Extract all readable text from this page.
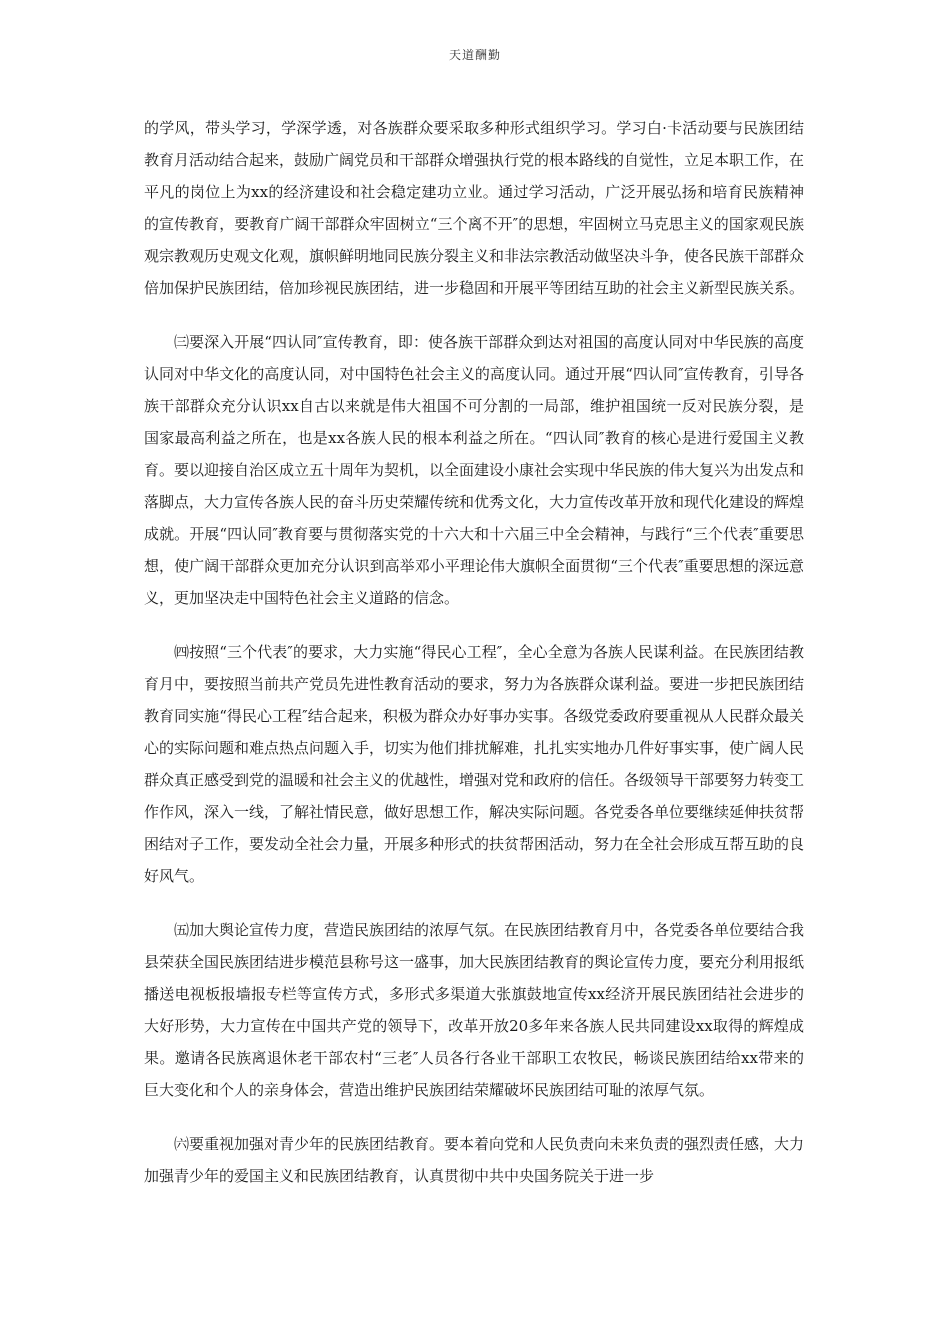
天道酬勤

的学风，带头学习，学深学透，对各族群众要采取多种形式组织学习。学习白·卡活动要与民族团结教育月活动结合起来，鼓励广阔党员和干部群众增强执行党的根本路线的自觉性，立足本职工作，在平凡的岗位上为xx的经济建设和社会稳定建功立业。通过学习活动，广泛开展弘扬和培育民族精神的宣传教育，要教育广阔干部群众牢固树立“三个离不开″的思想，牢固树立马克思主义的国家观民族观宗教观历史观文化观，旗帜鲜明地同民族分裂主义和非法宗教活动做坚决斗争，使各民族干部群众倍加保护民族团结，倍加珍视民族团结，进一步稳固和开展平等团结互助的社会主义新型民族关系。

㈢要深入开展“四认同″宣传教育，即：使各族干部群众到达对祖国的高度认同对中华民族的高度认同对中华文化的高度认同，对中国特色社会主义的高度认同。通过开展“四认同″宣传教育，引导各族干部群众充分认识xx自古以来就是伟大祖国不可分割的一局部，维护祖国统一反对民族分裂，是国家最高利益之所在，也是xx各族人民的根本利益之所在。“四认同″教育的核心是进行爱国主义教育。要以迎接自治区成立五十周年为契机，以全面建设小康社会实现中华民族的伟大复兴为出发点和落脚点，大力宣传各族人民的奋斗历史荣耀传统和优秀文化，大力宣传改革开放和现代化建设的辉煌成就。开展“四认同″教育要与贯彻落实党的十六大和十六届三中全会精神，与践行“三个代表″重要思想，使广阔干部群众更加充分认识到高举邓小平理论伟大旗帜全面贯彻“三个代表″重要思想的深远意义，更加坚决走中国特色社会主义道路的信念。

㈣按照“三个代表″的要求，大力实施“得民心工程″，全心全意为各族人民谋利益。在民族团结教育月中，要按照当前共产党员先进性教育活动的要求，努力为各族群众谋利益。要进一步把民族团结教育同实施“得民心工程″结合起来，积极为群众办好事办实事。各级党委政府要重视从人民群众最关心的实际问题和难点热点问题入手，切实为他们排扰解难，扎扎实实地办几件好事实事，使广阔人民群众真正感受到党的温暖和社会主义的优越性，增强对党和政府的信任。各级领导干部要努力转变工作作风，深入一线，了解社情民意，做好思想工作，解决实际问题。各党委各单位要继续延伸扶贫帮困结对子工作，要发动全社会力量，开展多种形式的扶贫帮困活动，努力在全社会形成互帮互助的良好风气。

㈤加大舆论宣传力度，营造民族团结的浓厚气氛。在民族团结教育月中，各党委各单位要结合我县荣获全国民族团结进步模范县称号这一盛事，加大民族团结教育的舆论宣传力度，要充分利用报纸播送电视板报墙报专栏等宣传方式，多形式多渠道大张旗鼓地宣传xx经济开展民族团结社会进步的大好形势，大力宣传在中国共产党的领导下，改革开放20多年来各族人民共同建设xx取得的辉煌成果。邀请各民族离退休老干部农村“三老″人员各行各业干部职工农牧民，畅谈民族团结给xx带来的巨大变化和个人的亲身体会，营造出维护民族团结荣耀破坏民族团结可耻的浓厚气氛。

㈥要重视加强对青少年的民族团结教育。要本着向党和人民负责向未来负责的强烈责任感，大力加强青少年的爱国主义和民族团结教育，认真贯彻中共中央国务院关于进一步
